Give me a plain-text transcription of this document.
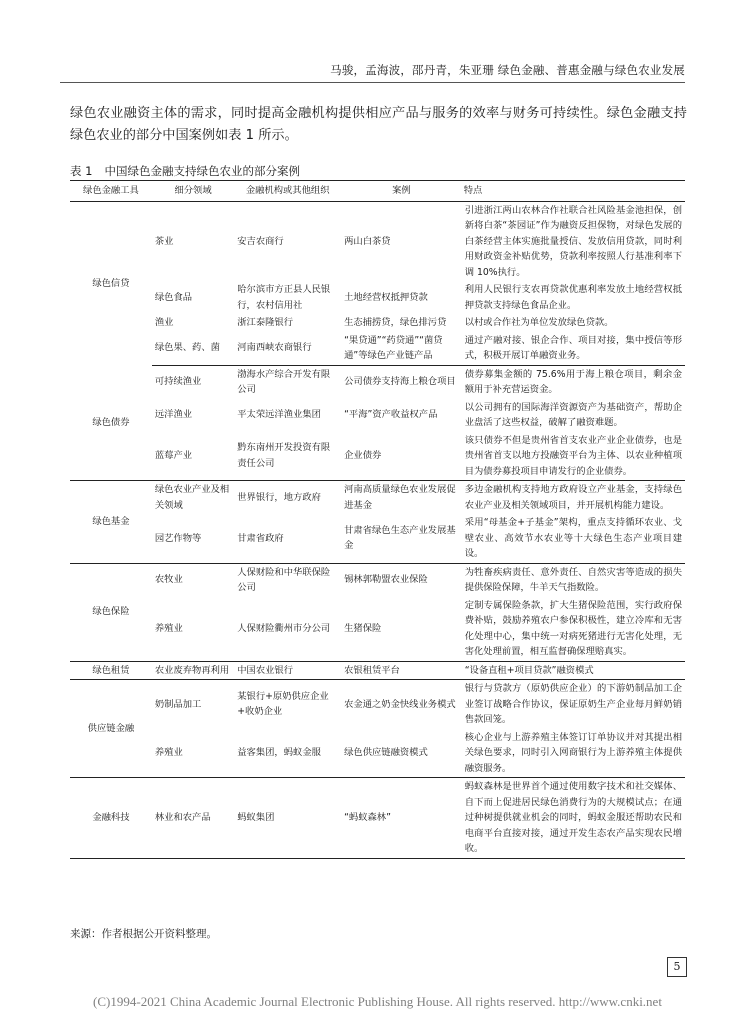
马骏，孟海波，邵丹青，朱亚珊 绿色金融、普惠金融与绿色农业发展
绿色农业融资主体的需求，同时提高金融机构提供相应产品与服务的效率与财务可持续性。绿色金融支持绿色农业的部分中国案例如表 1 所示。
表 1 中国绿色金融支持绿色农业的部分案例
绿色金融工具	细分领域	金融机构或其他组织	案例	特点
绿色信贷	茶业	安吉农商行	两山白茶贷	引进浙江两山农林合作社联合社风险基金池担保，创新将白茶“茶园证”作为融资反担保物，对绿色发展的白茶经营主体实施批量授信、发放信用贷款，同时利用财政资金补贴优势，贷款利率按照人行基准利率下调 10%执行。
	绿色食品	哈尔滨市方正县人民银行，农村信用社	土地经营权抵押贷款	利用人民银行支农再贷款优惠利率发放土地经营权抵押贷款支持绿色食品企业。
	渔业	浙江泰隆银行	生态捕捞贷，绿色排污贷	以村或合作社为单位发放绿色贷款。
	绿色果、药、菌	河南西峡农商银行	“果贷通”“药贷通”“菌贷通”等绿色产业链产品	通过产融对接、银企合作、项目对接，集中授信等形式，积极开展订单融资业务。
绿色债券	可持续渔业	渤海水产综合开发有限公司	公司债券支持海上粮仓项目	债券募集金额的 75.6%用于海上粮仓项目，剩余金额用于补充营运资金。
	远洋渔业	平太荣远洋渔业集团	“平海”资产收益权产品	以公司拥有的国际海洋资源资产为基础资产，帮助企业盘活了这些权益，破解了融资难题。
	蓝莓产业	黔东南州开发投资有限责任公司	企业债券	该只债券不但是贵州省首支农业产业企业债券，也是贵州省首支以地方投融资平台为主体、以农业种植项目为债券募投项目申请发行的企业债券。
绿色基金	绿色农业产业及相关领域	世界银行，地方政府	河南高质量绿色农业发展促进基金	多边金融机构支持地方政府设立产业基金，支持绿色农业产业及相关领域项目，并开展机构能力建设。
	园艺作物等	甘肃省政府	甘肃省绿色生态产业发展基金	采用“母基金+子基金”架构，重点支持循环农业、戈壁农业、高效节水农业等十大绿色生态产业项目建设。
绿色保险	农牧业	人保财险和中华联保险公司	锡林郭勒盟农业保险	为牲畜疾病责任、意外责任、自然灾害等造成的损失提供保险保障，牛羊天气指数险。
	养殖业	人保财险衢州市分公司	生猪保险	定制专属保险条款，扩大生猪保险范围，实行政府保费补贴，鼓励养殖农户参保积极性，建立冷库和无害化处理中心，集中统一对病死猪进行无害化处理，无害化处理前置，相互监督确保理赔真实。
绿色租赁	农业废弃物再利用	中国农业银行	农银租赁平台	“设备直租+项目贷款”融资模式
供应链金融	奶制品加工	某银行+原奶供应企业+收奶企业	农金通之奶金快线业务模式	银行与贷款方（原奶供应企业）的下游奶制品加工企业签订战略合作协议，保证原奶生产企业每月鲜奶销售款回笼。
	养殖业	益客集团，蚂蚁金服	绿色供应链融资模式	核心企业与上游养殖主体签订订单协议并对其提出相关绿色要求，同时引入网商银行为上游养殖主体提供融资服务。
金融科技	林业和农产品	蚂蚁集团	“蚂蚁森林”	蚂蚁森林是世界首个通过使用数字技术和社交媒体、自下而上促进居民绿色消费行为的大规模试点；在通过种树提供就业机会的同时，蚂蚁金服还帮助农民和电商平台直接对接，通过开发生态农产品实现农民增收。
来源：作者根据公开资料整理。
5
(C)1994-2021 China Academic Journal Electronic Publishing House. All rights reserved. http://www.cnki.net
